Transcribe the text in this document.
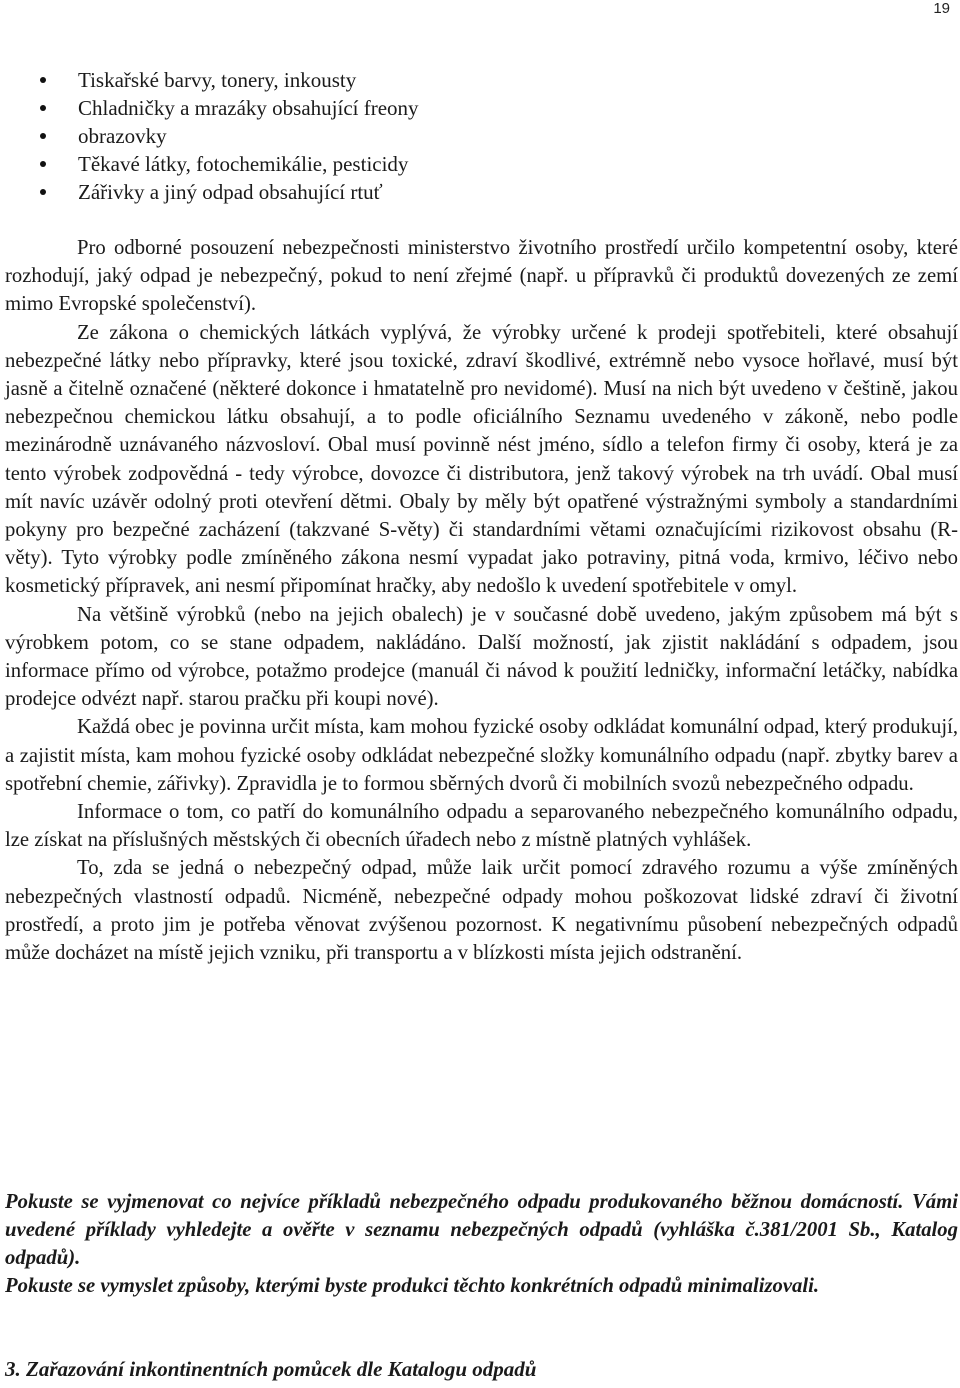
19
Tiskařské barvy, tonery, inkousty
Chladničky a mrazáky obsahující freony
obrazovky
Těkavé látky, fotochemikálie, pesticidy
Zářivky a jiný odpad obsahující rtuť

Pro odborné posouzení nebezpečnosti ministerstvo životního prostředí určilo kompetentní osoby, které rozhodují, jaký odpad je nebezpečný, pokud to není zřejmé (např. u přípravků či produktů dovezených ze zemí mimo Evropské společenství).

Ze zákona o chemických látkách vyplývá, že výrobky určené k prodeji spotřebiteli, které obsahují nebezpečné látky nebo přípravky, které jsou toxické, zdraví škodlivé, extrémně nebo vysoce hořlavé, musí být jasně a čitelně označené (některé dokonce i hmatatelně pro nevidomé). Musí na nich být uvedeno v češtině, jakou nebezpečnou chemickou látku obsahují, a to podle oficiálního Seznamu uvedeného v zákoně, nebo podle mezinárodně uznávaného názvosloví. Obal musí povinně nést jméno, sídlo a telefon firmy či osoby, která je za tento výrobek zodpovědná - tedy výrobce, dovozce či distributora, jenž takový výrobek na trh uvádí. Obal musí mít navíc uzávěr odolný proti otevření dětmi. Obaly by měly být opatřené výstražnými symboly a standardními pokyny pro bezpečné zacházení (takzvané S-věty) či standardními větami označujícími rizikovost obsahu (R-věty). Tyto výrobky podle zmíněného zákona nesmí vypadat jako potraviny, pitná voda, krmivo, léčivo nebo kosmetický přípravek, ani nesmí připomínat hračky, aby nedošlo k uvedení spotřebitele v omyl.

Na většině výrobků (nebo na jejich obalech) je v současné době uvedeno, jakým způsobem má být s výrobkem potom, co se stane odpadem, nakládáno. Další možností, jak zjistit nakládání s odpadem, jsou informace přímo od výrobce, potažmo prodejce (manuál či návod k použití ledničky, informační letáčky, nabídka prodejce odvézt např. starou pračku při koupi nové).

Každá obec je povinna určit místa, kam mohou fyzické osoby odkládat komunální odpad, který produkují, a zajistit místa, kam mohou fyzické osoby odkládat nebezpečné složky komunálního odpadu (např. zbytky barev a spotřební chemie, zářivky). Zpravidla je to formou sběrných dvorů či mobilních svozů nebezpečného odpadu.

Informace o tom, co patří do komunálního odpadu a separovaného nebezpečného komunálního odpadu, lze získat na příslušných městských či obecních úřadech nebo z místně platných vyhlášek.

To, zda se jedná o nebezpečný odpad, může laik určit pomocí zdravého rozumu a výše zmíněných nebezpečných vlastností odpadů. Nicméně, nebezpečné odpady mohou poškozovat lidské zdraví či životní prostředí, a proto jim je potřeba věnovat zvýšenou pozornost. K negativnímu působení nebezpečných odpadů může docházet na místě jejich vzniku, při transportu a v blízkosti místa jejich odstranění.

Pokuste se vyjmenovat co nejvíce příkladů nebezpečného odpadu produkovaného běžnou domácností. Vámi uvedené příklady vyhledejte a ověřte v seznamu nebezpečných odpadů (vyhláška č.381/2001 Sb., Katalog odpadů).

Pokuste se vymyslet způsoby, kterými byste produkci těchto konkrétních odpadů minimalizovali.

3. Zařazování inkontinentních pomůcek dle Katalogu odpadů
